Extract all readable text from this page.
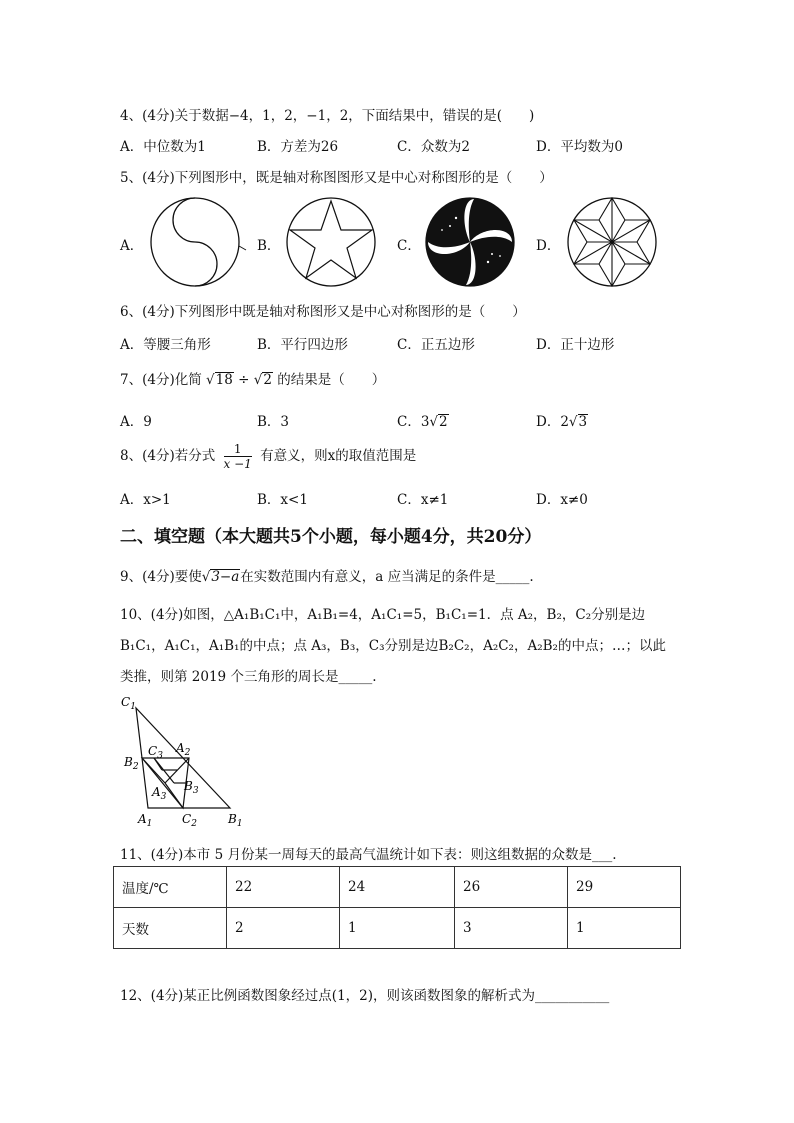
4、(4分)关于数据−4，1，2，−1，2，下面结果中，错误的是(　　)
A．中位数为1	B．方差为26	C．众数为2	D．平均数为0
5、(4分)下列图形中，既是轴对称图图形又是中心对称图形的是（　　）
A．	B．	C．	D．
6、(4分)下列图形中既是轴对称图形又是中心对称图形的是（　　）
A．等腰三角形	B．平行四边形	C．正五边形	D．正十边形
7、(4分)化简 √18 ÷ √2 的结果是（　　）
A．9	B．3	C．3√2	D．2√3
8、(4分)若分式 $\frac{1}{x -1}$ 有意义，则x的取值范围是
A．x>1	B．x<1	C．x≠1	D．x≠0
二、填空题（本大题共5个小题，每小题4分，共20分）
9、(4分)要使√3−a在实数范围内有意义，a 应当满足的条件是_____.
10、(4分)如图，△A₁B₁C₁中，A₁B₁=4，A₁C₁=5，B₁C₁=1．点 A₂，B₂，C₂分别是边
B₁C₁，A₁C₁，A₁B₁的中点；点 A₃，B₃，C₃分别是边B₂C₂，A₂C₂，A₂B₂的中点；…；以此
类推，则第 2019 个三角形的周长是_____.
$C_1$
$A_2$
$C_3$
$B_2$
$B_3$
$A_3$
$A_1$ $C_2$	$B_1$
11、(4分)本市 5 月份某一周每天的最高气温统计如下表：则这组数据的众数是___.
温度/℃	22	24	26	29
天数	2	1	3	1
12、(4分)某正比例函数图象经过点(1，2)，则该函数图象的解析式为___________
